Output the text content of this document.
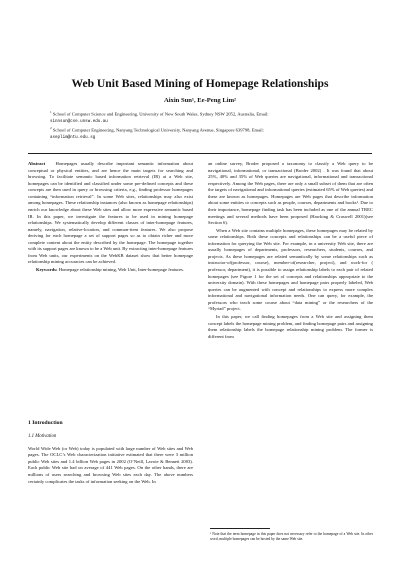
Web Unit Based Mining of Homepage Relationships
Aixin Sun¹, Ee-Peng Lim²
$^1$ School of Computer Science and Engineering, University of New South Wales, Sydney NSW 2052, Australia, Email:
sinnsun@cse.unsw.edu.au
$^2$ School of Computer Engineering, Nanyang Technological University, Nanyang Avenue, Singapore 639798, Email:
aseplim@ntu.edu.sg

Abstract Homepages usually describe important semantic information about conceptual or physical entities, and are hence the main targets for searching and browsing. To facilitate semantic based information retrieval (IR) at a Web site, homepages can be identified and classified under some pre-defined concepts and these concepts are then used in query or browsing criteria, e.g., finding professor homepages containing “information retrieval”. In some Web sites, relationships may also exist among homepages. These relationship instances (also known as homepage relationships) enrich our knowledge about these Web sites and allow more expressive semantic based IR. In this paper, we investigate the features to be used in mining homepage relationships. We systematically develop different classes of inter-homepage features, namely, navigation, relative-location, and common-item features. We also propose deriving for each homepage a set of support pages so as to obtain richer and more complete content about the entity described by the homepage. The homepage together with its support pages are known to be a Web unit. By extracting inter-homepage features from Web units, our experiments on the WebKB dataset show that better homepage relationship mining accuracies can be achieved.

Keywords: Homepage relationship mining, Web Unit, Inter-homepage features.

1 Introduction

1.1 Motivation

World Wide Web (or Web) today is populated with large number of Web sites and Web pages. The OCLC’s Web characterization initiative estimated that there were 3 million public Web sites and 1.4 billion Web pages in 2002 (O’Neill, Lavoie & Bennett 2003). Each public Web site had on average of 441 Web pages. On the other hands, there are millions of users searching and browsing Web sites each day. The above numbers certainly complicates the tasks of information seeking on the Web. In

an online survey, Broder proposed a taxonomy to classify a Web query to be navigational, informational, or transactional (Broder 2002) . It was found that about 25%, 40% and 35% of Web queries are navigational, informational and transactional respectively. Among the Web pages, there are only a small subset of them that are often the targets of navigational and informational queries (estimated 65% of Web queries) and these are known as homepages. Homepages are Web pages that describe information about some entities or concepts such as people, courses, departments and books¹. Due to their importance, homepage finding task has been included as one of the annual TREC meetings and several methods have been proposed (Hawking & Craswell 2001)(see Section 6).

When a Web site contains multiple homepages, these homepages may be related by some relationships. Both these concepts and relationships can be a useful piece of information for querying the Web site. For example, in a university Web site, there are usually homepages of departments, professors, researchers, students, courses, and projects. As these homepages are related semantically by some relationships such as instructor-of(professor, course), member-of(researcher, project), and work-for ( professor, department), it is possible to assign relationship labels to each pair of related homepages (see Figure 1 for the set of concepts and relationships appropriate to the university domain). With these homepages and homepage pairs properly labeled, Web queries can be augmented with concept and relationships to express more complex informational and navigational information needs. One can query, for example, the professors who teach some course about “data mining” or the researchers of the “Myriad” project.

In this paper, we call finding homepages from a Web site and assigning them concept labels the homepage mining problem, and finding homepage pairs and assigning them relationship labels the homepage relationship mining problem. The former is different from

¹ Note that the term homepage in this paper does not necessary refer to the homepage of a Web site. In other word, multiple homepages can be hosted by the same Web site.
